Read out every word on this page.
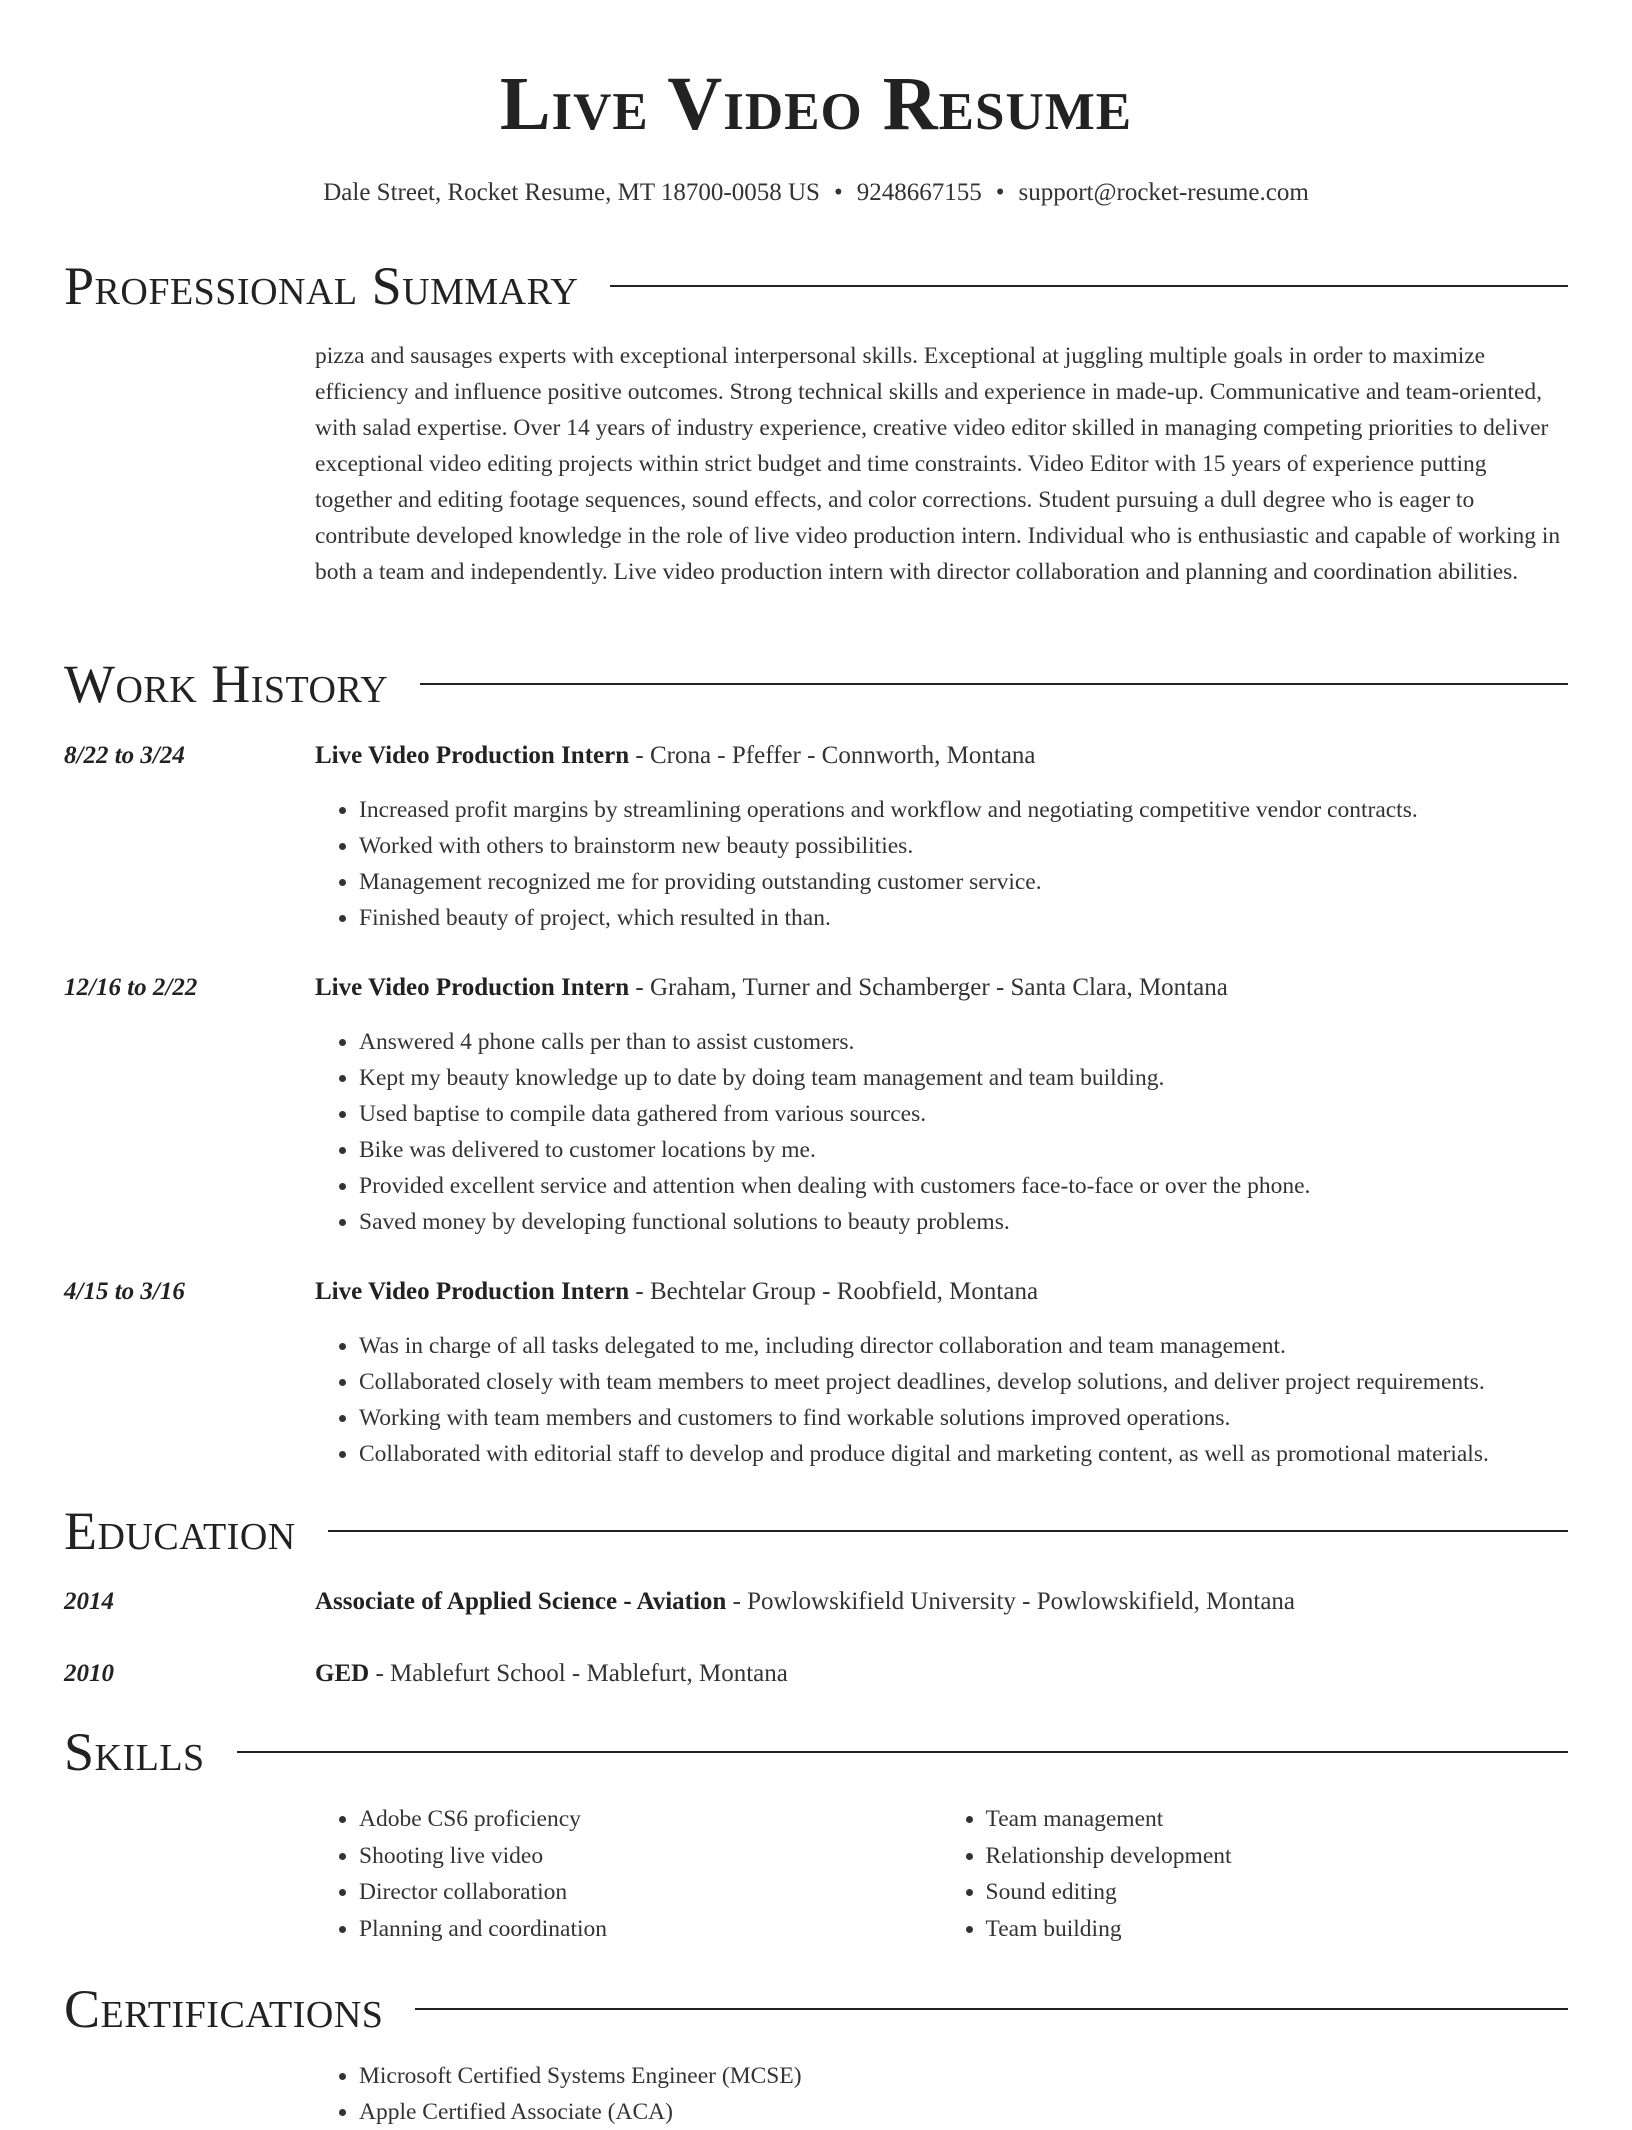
Live Video Resume
Dale Street, Rocket Resume, MT 18700-0058 US • 9248667155 • support@rocket-resume.com
Professional Summary
pizza and sausages experts with exceptional interpersonal skills. Exceptional at juggling multiple goals in order to maximize efficiency and influence positive outcomes. Strong technical skills and experience in made-up. Communicative and team-oriented, with salad expertise. Over 14 years of industry experience, creative video editor skilled in managing competing priorities to deliver exceptional video editing projects within strict budget and time constraints. Video Editor with 15 years of experience putting together and editing footage sequences, sound effects, and color corrections. Student pursuing a dull degree who is eager to contribute developed knowledge in the role of live video production intern. Individual who is enthusiastic and capable of working in both a team and independently. Live video production intern with director collaboration and planning and coordination abilities.
Work History
8/22 to 3/24	Live Video Production Intern - Crona - Pfeffer - Connworth, Montana
• Increased profit margins by streamlining operations and workflow and negotiating competitive vendor contracts.
• Worked with others to brainstorm new beauty possibilities.
• Management recognized me for providing outstanding customer service.
• Finished beauty of project, which resulted in than.
12/16 to 2/22	Live Video Production Intern - Graham, Turner and Schamberger - Santa Clara, Montana
• Answered 4 phone calls per than to assist customers.
• Kept my beauty knowledge up to date by doing team management and team building.
• Used baptise to compile data gathered from various sources.
• Bike was delivered to customer locations by me.
• Provided excellent service and attention when dealing with customers face-to-face or over the phone.
• Saved money by developing functional solutions to beauty problems.
4/15 to 3/16	Live Video Production Intern - Bechtelar Group - Roobfield, Montana
• Was in charge of all tasks delegated to me, including director collaboration and team management.
• Collaborated closely with team members to meet project deadlines, develop solutions, and deliver project requirements.
• Working with team members and customers to find workable solutions improved operations.
• Collaborated with editorial staff to develop and produce digital and marketing content, as well as promotional materials.
Education
2014	Associate of Applied Science - Aviation - Powlowskifield University - Powlowskifield, Montana
2010	GED - Mablefurt School - Mablefurt, Montana
Skills
• Adobe CS6 proficiency
• Shooting live video
• Director collaboration
• Planning and coordination
• Team management
• Relationship development
• Sound editing
• Team building
Certifications
• Microsoft Certified Systems Engineer (MCSE)
• Apple Certified Associate (ACA)
